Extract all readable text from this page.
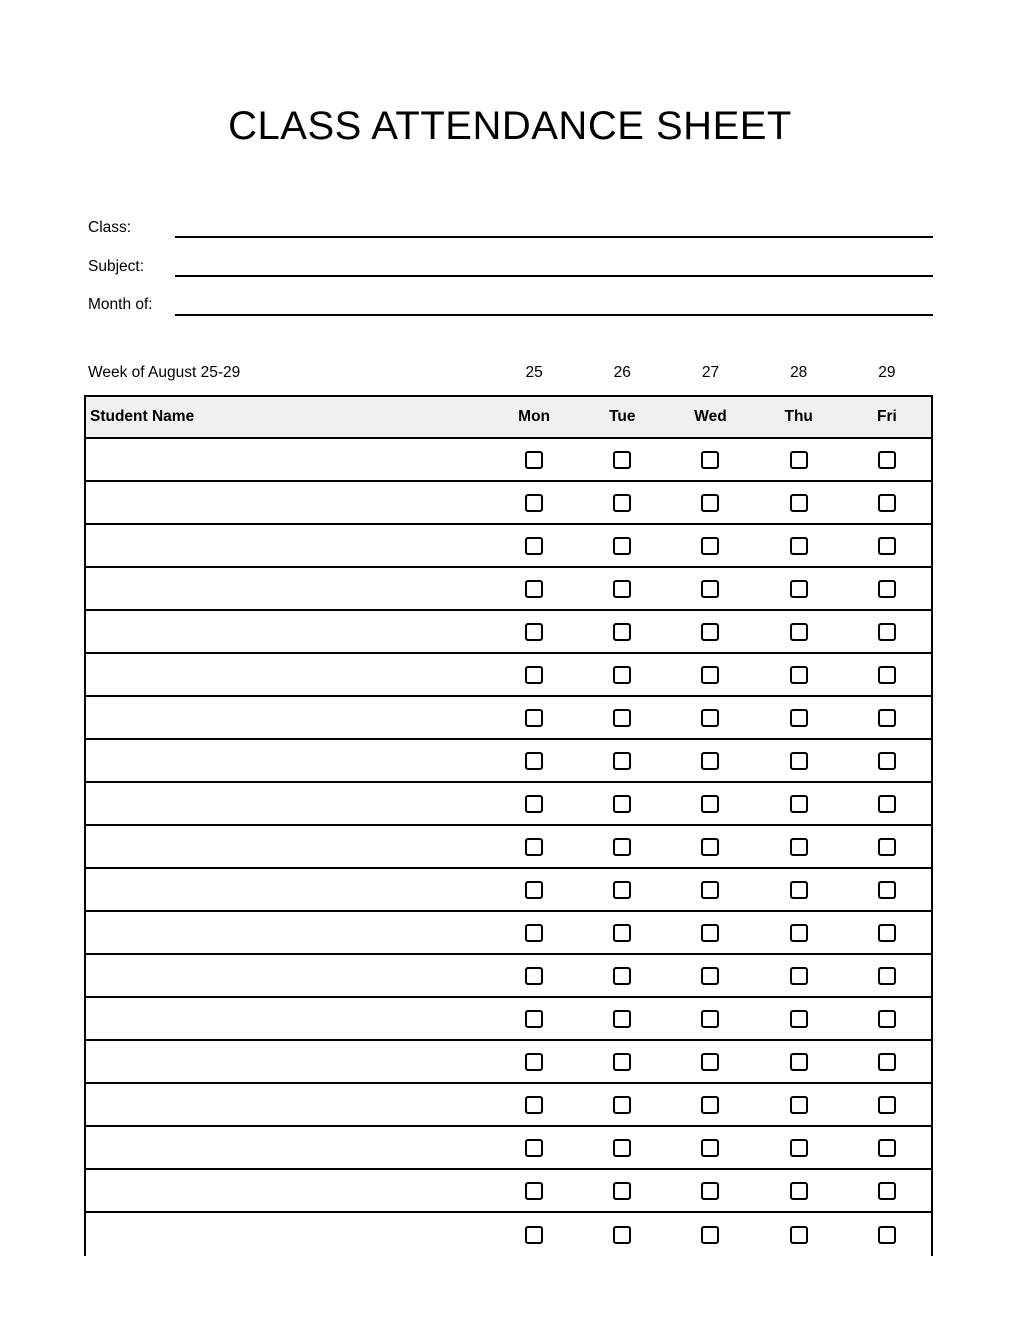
CLASS ATTENDANCE SHEET
Class:
Subject:
Month of:
Week of August 25-29	25	26	27	28	29
Student Name	Mon	Tue	Wed	Thu	Fri
